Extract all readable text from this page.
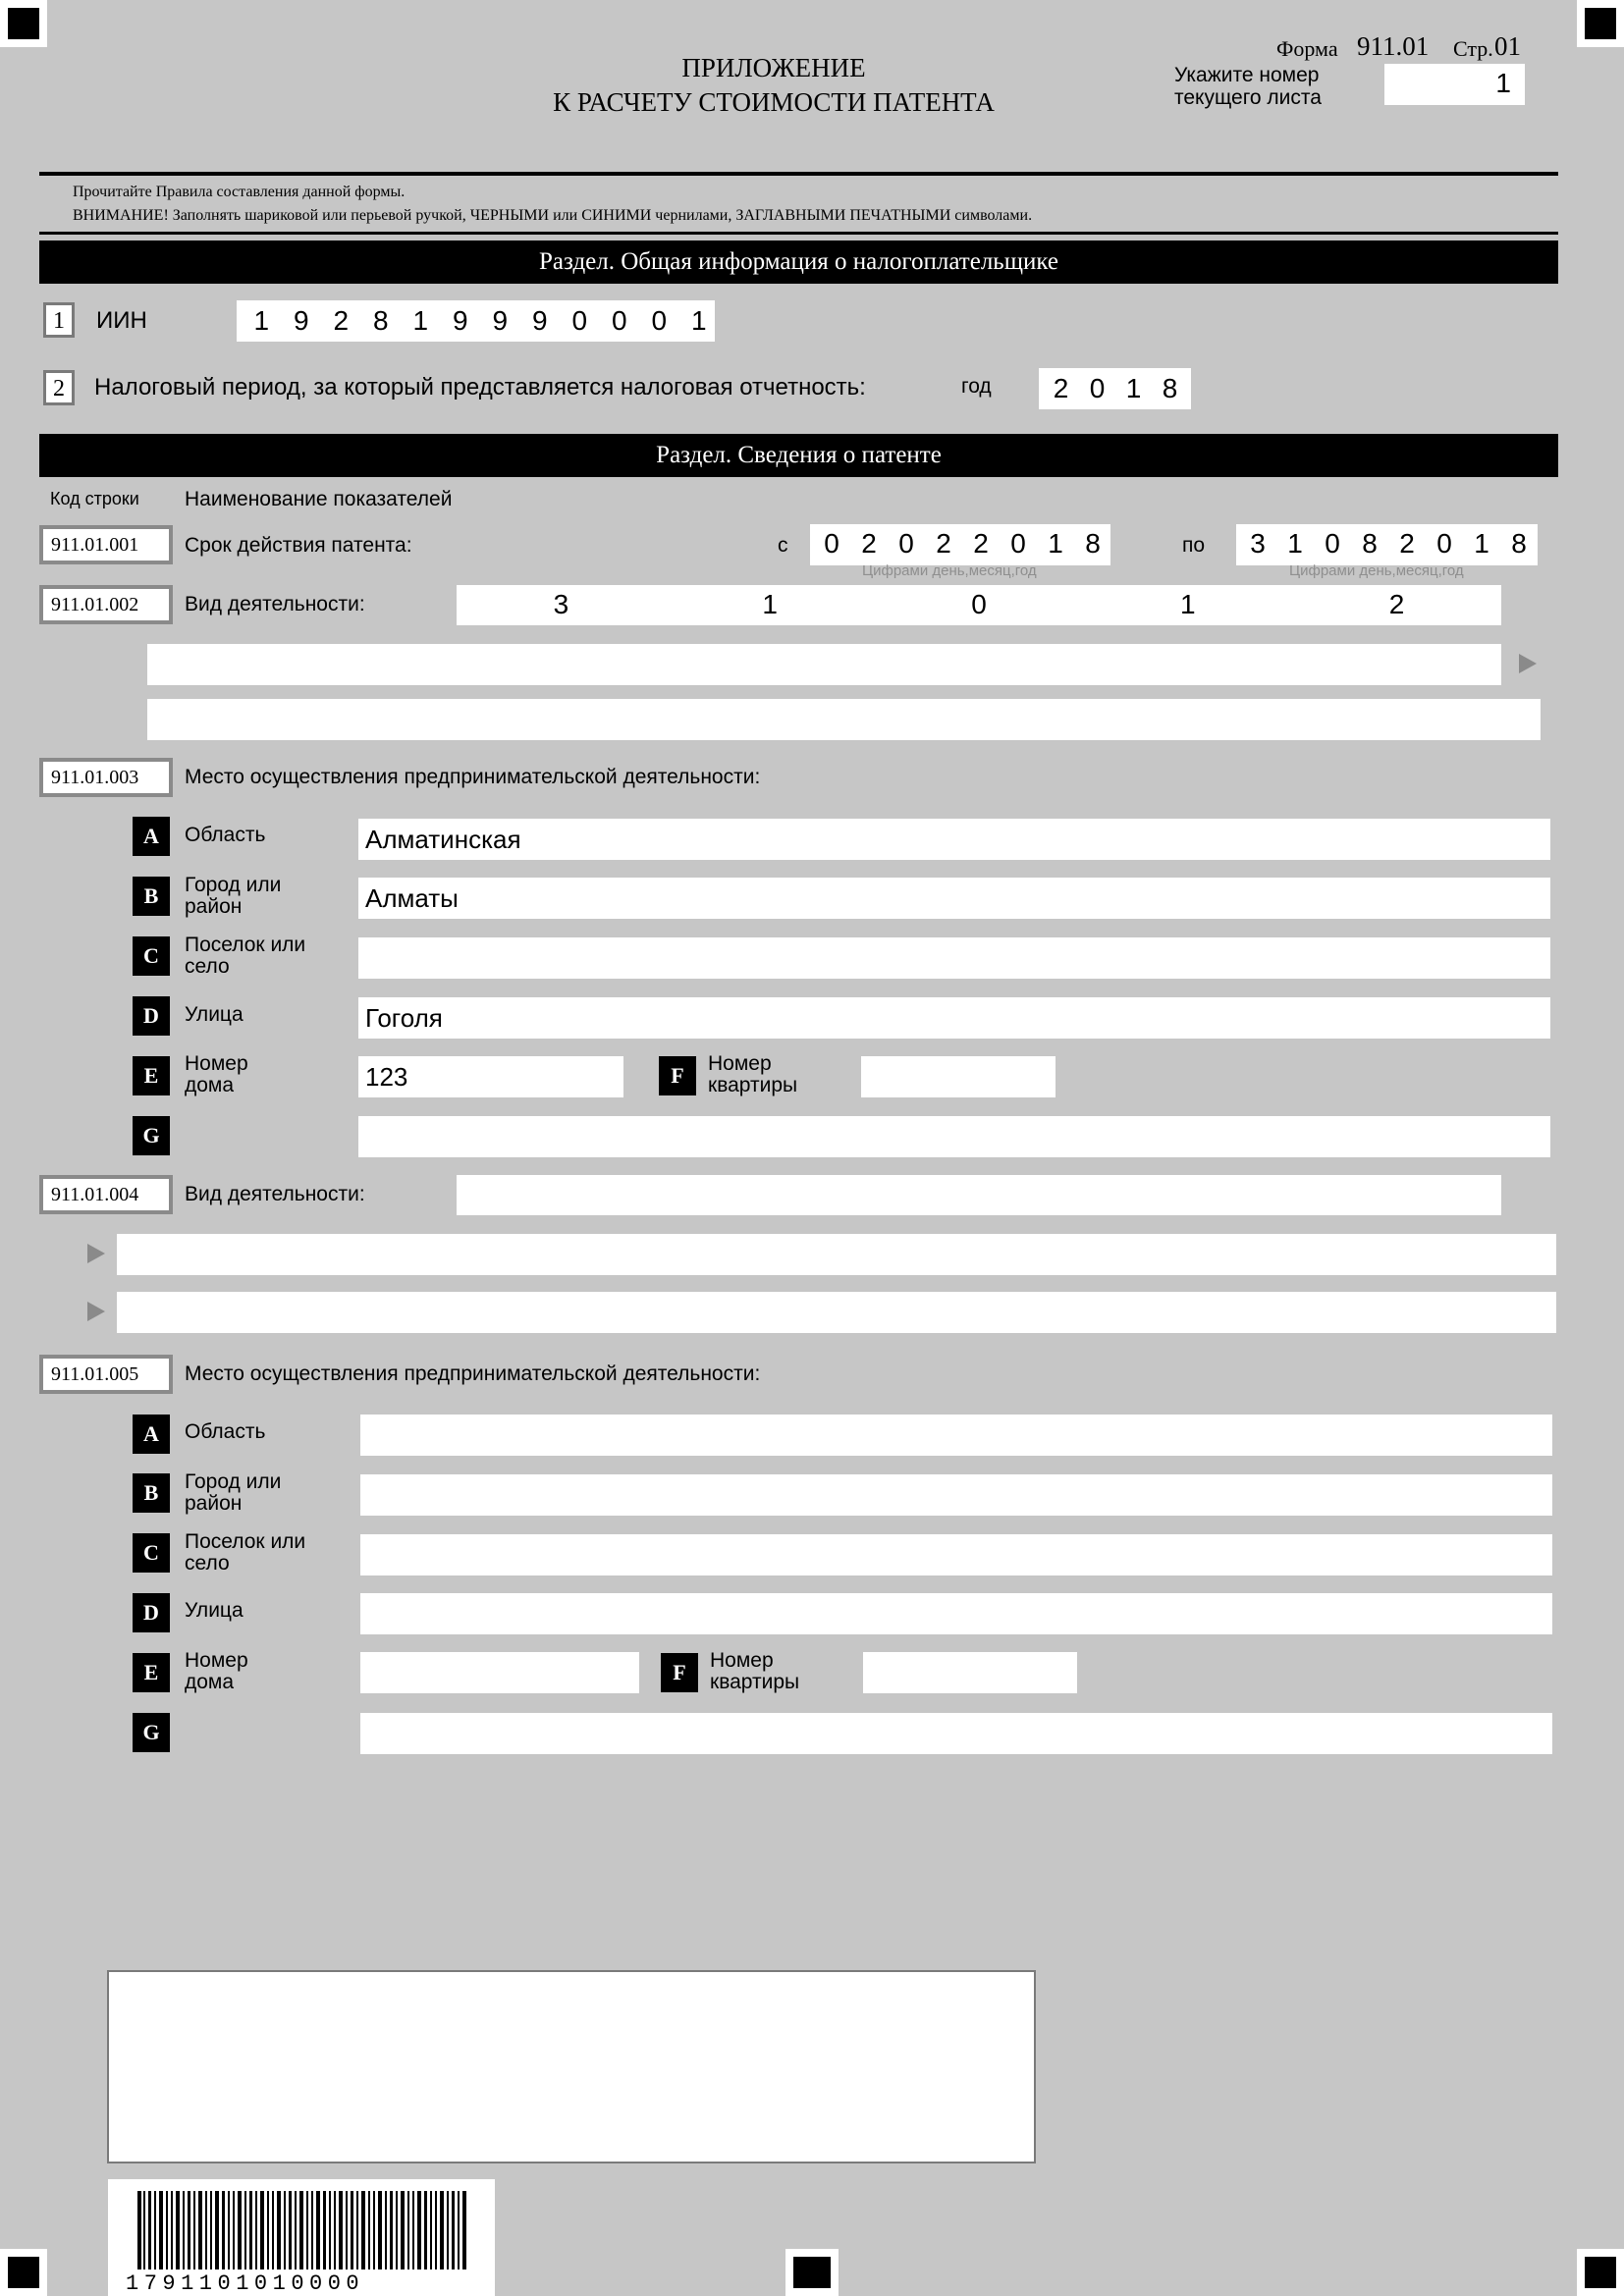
ПРИЛОЖЕНИЕ
К РАСЧЕТУ СТОИМОСТИ ПАТЕНТА
Форма 911.01 Стр. 01
Укажите номер
текущего листа	1
Прочитайте Правила составления данной формы.
ВНИМАНИЕ! Заполнять шариковой или перьевой ручкой, ЧЕРНЫМИ или СИНИМИ чернилами, ЗАГЛАВНЫМИ ПЕЧАТНЫМИ символами.
Раздел. Общая информация о налогоплательщике
1	ИИН	1 9 2 8 1 9 9 9 0 0 0 1
2	Налоговый период, за который представляется налоговая отчетность:	год	2 0 1 8
Раздел. Сведения о патенте
Код строки Наименование показателей
911.01.001	Срок действия патента:	с	0 2 0 2 2 0 1 8
Цифрами день,месяц,год
по	3 1 0 8 2 0 1 8
Цифрами день,месяц,год
911.01.002	Вид деятельности:	3	1	0	1	2
911.01.003	Место осуществления предпринимательской деятельности:
A	Область	Алматинская
B	Город или
район	Алматы
C	Поселок или
село
D	Улица	Гоголя
E	Номер
дома	123	F	Номер
квартиры
G
911.01.004	Вид деятельности:
911.01.005	Место осуществления предпринимательской деятельности:
A	Область
B	Город или
район
C	Поселок или
село
D	Улица
E	Номер
дома	F	Номер
квартиры
G
1791101010000
